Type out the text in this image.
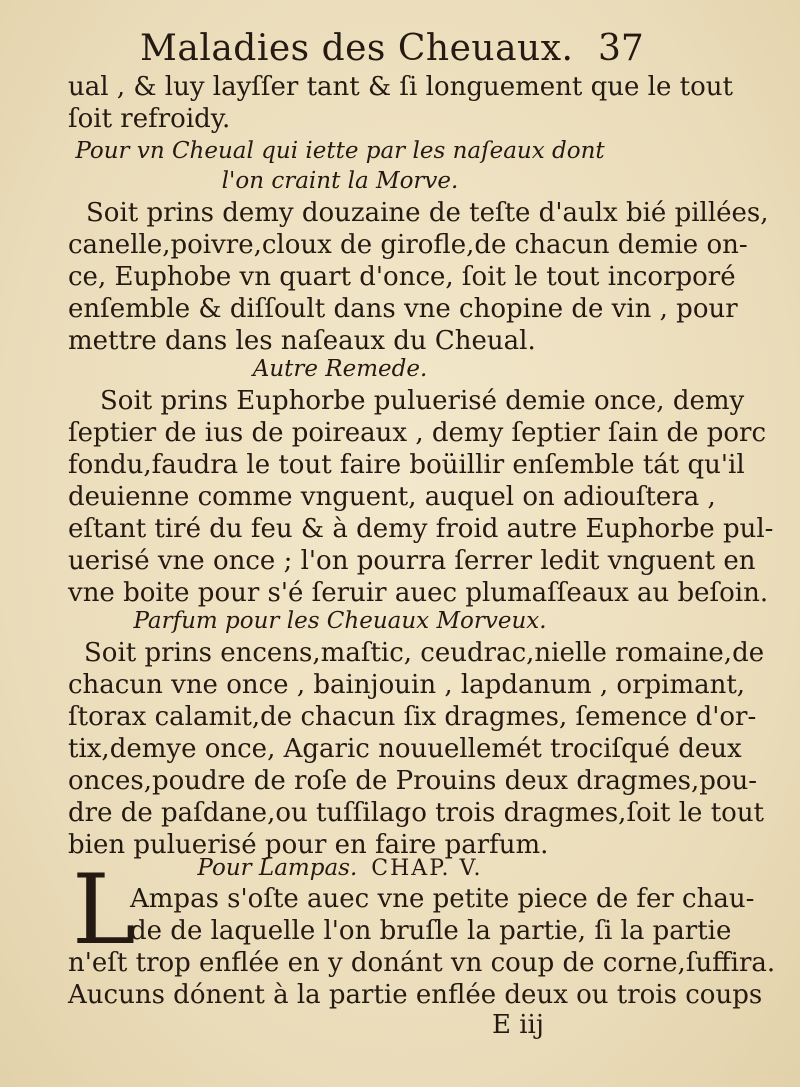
Maladies des Cheuaux. 37
ual , & luy layſſer tant & ſi longuement que le tout
ſoit refroidy.
Pour vn Cheual qui iette par les naſeaux dont
l'on craint la Morve.
Soit prins demy douzaine de teſte d'aulx bié pillées,
canelle,poivre,cloux de girofle,de chacun demie on-
ce, Euphobe vn quart d'once, ſoit le tout incorporé
enſemble & diſſoult dans vne chopine de vin , pour
mettre dans les naſeaux du Cheual.
Autre Remede.
Soit prins Euphorbe puluerisé demie once, demy
ſeptier de ius de poireaux , demy ſeptier ſain de porc
fondu,faudra le tout faire boüillir enſemble tát qu'il
deuienne comme vnguent, auquel on adiouſtera ,
eſtant tiré du feu & à demy froid autre Euphorbe pul-
uerisé vne once ; l'on pourra ſerrer ledit vnguent en
vne boite pour s'é ſeruir auec plumaſſeaux au beſoin.
Parfum pour les Cheuaux Morveux.
Soit prins encens,maſtic, ceudrac,nielle romaine,de
chacun vne once , bainjouin , lapdanum , orpimant,
ſtorax calamit,de chacun ſix dragmes, ſemence d'or-
tix,demye once, Agaric nouuellemét trociſqué deux
onces,poudre de roſe de Prouins deux dragmes,pou-
dre de paſdane,ou tuſſilago trois dragmes,ſoit le tout
bien puluerisé pour en faire parfum.
Pour Lampas. CHAP. V.
L
Ampas s'oſte auec vne petite piece de fer chau-
de de laquelle l'on bruſle la partie, ſi la partie
n'eſt trop enflée en y donánt vn coup de corne,ſuffira.
Aucuns dónent à la partie enflée deux ou trois coups
E iij
